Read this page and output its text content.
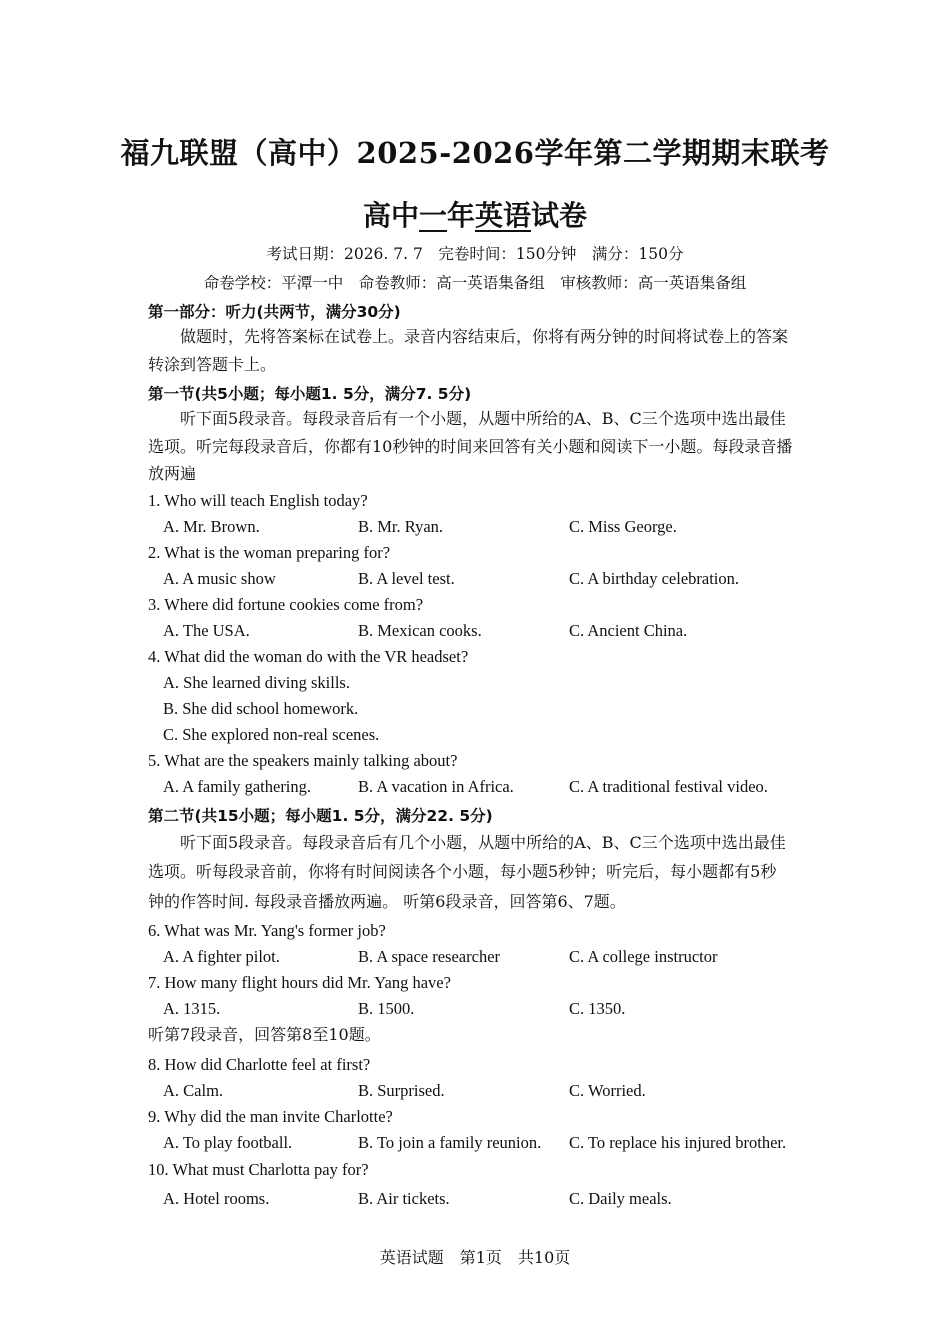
福九联盟（高中）2025-2026学年第二学期期末联考
高中一年英语试卷
考试日期：2026. 7. 7　完卷时间：150分钟　满分：150分
命卷学校：平潭一中　命卷教师：高一英语集备组　审核教师：高一英语集备组
第一部分：听力(共两节，满分30分)
做题时，先将答案标在试卷上。录音内容结束后，你将有两分钟的时间将试卷上的答案
转涂到答题卡上。
第一节(共5小题；每小题1. 5分，满分7. 5分)
听下面5段录音。每段录音后有一个小题，从题中所给的A、B、C三个选项中选出最佳
选项。听完每段录音后，你都有10秒钟的时间来回答有关小题和阅读下一小题。每段录音播
放两遍
1. Who will teach English today?
A. Mr. Brown.	B. Mr. Ryan.	C. Miss George.
2. What is the woman preparing for?
A. A music show	B. A level test.	C. A birthday celebration.
3. Where did fortune cookies come from?
A. The USA.	B. Mexican cooks.	C. Ancient China.
4. What did the woman do with the VR headset?
A. She learned diving skills.
B. She did school homework.
C. She explored non-real scenes.
5. What are the speakers mainly talking about?
A. A family gathering.	B. A vacation in Africa.	C. A traditional festival video.
第二节(共15小题；每小题1. 5分，满分22. 5分)
听下面5段录音。每段录音后有几个小题，从题中所给的A、B、C三个选项中选出最佳
选项。听每段录音前，你将有时间阅读各个小题，每小题5秒钟；听完后，每小题都有5秒
钟的作答时间. 每段录音播放两遍。 听第6段录音，回答第6、7题。
6. What was Mr. Yang's former job?
A. A fighter pilot.	B. A space researcher	C. A college instructor
7. How many flight hours did Mr. Yang have?
A. 1315.	B. 1500.	C. 1350.
听第7段录音，回答第8至10题。
8. How did Charlotte feel at first?
A. Calm.	B. Surprised.	C. Worried.
9. Why did the man invite Charlotte?
A. To play football.	B. To join a family reunion. C. To replace his injured brother.
10. What must Charlotta pay for?
A. Hotel rooms.	B. Air tickets.	C. Daily meals.
英语试题　第1页　共10页
